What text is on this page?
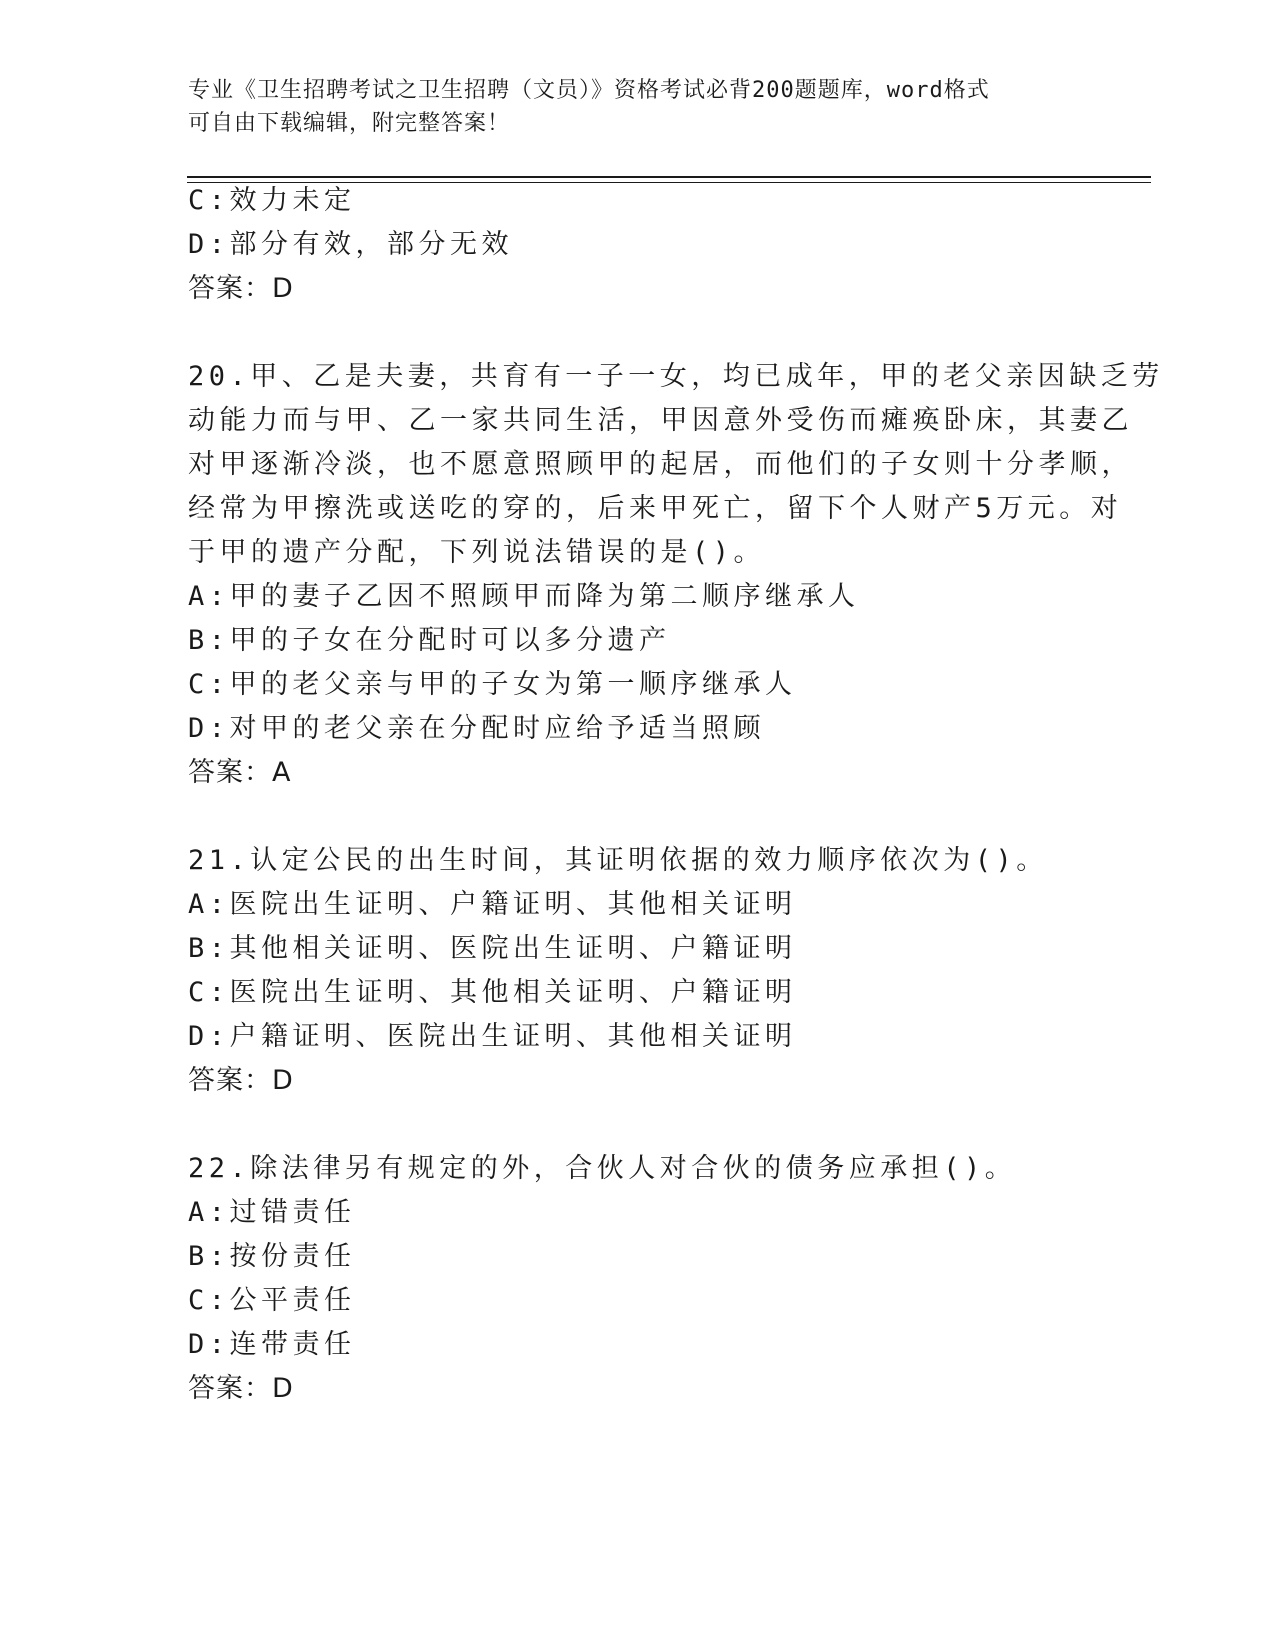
专业《卫生招聘考试之卫生招聘（文员）》资格考试必背200题题库，word格式
可自由下载编辑，附完整答案！
C:效力未定
D:部分有效，部分无效
答案：D
20.甲、乙是夫妻，共育有一子一女，均已成年，甲的老父亲因缺乏劳
动能力而与甲、乙一家共同生活，甲因意外受伤而瘫痪卧床，其妻乙
对甲逐渐冷淡，也不愿意照顾甲的起居，而他们的子女则十分孝顺，
经常为甲擦洗或送吃的穿的，后来甲死亡，留下个人财产5万元。对
于甲的遗产分配，下列说法错误的是()。
A:甲的妻子乙因不照顾甲而降为第二顺序继承人
B:甲的子女在分配时可以多分遗产
C:甲的老父亲与甲的子女为第一顺序继承人
D:对甲的老父亲在分配时应给予适当照顾
答案：A
21.认定公民的出生时间，其证明依据的效力顺序依次为()。
A:医院出生证明、户籍证明、其他相关证明
B:其他相关证明、医院出生证明、户籍证明
C:医院出生证明、其他相关证明、户籍证明
D:户籍证明、医院出生证明、其他相关证明
答案：D
22.除法律另有规定的外，合伙人对合伙的债务应承担()。
A:过错责任
B:按份责任
C:公平责任
D:连带责任
答案：D
